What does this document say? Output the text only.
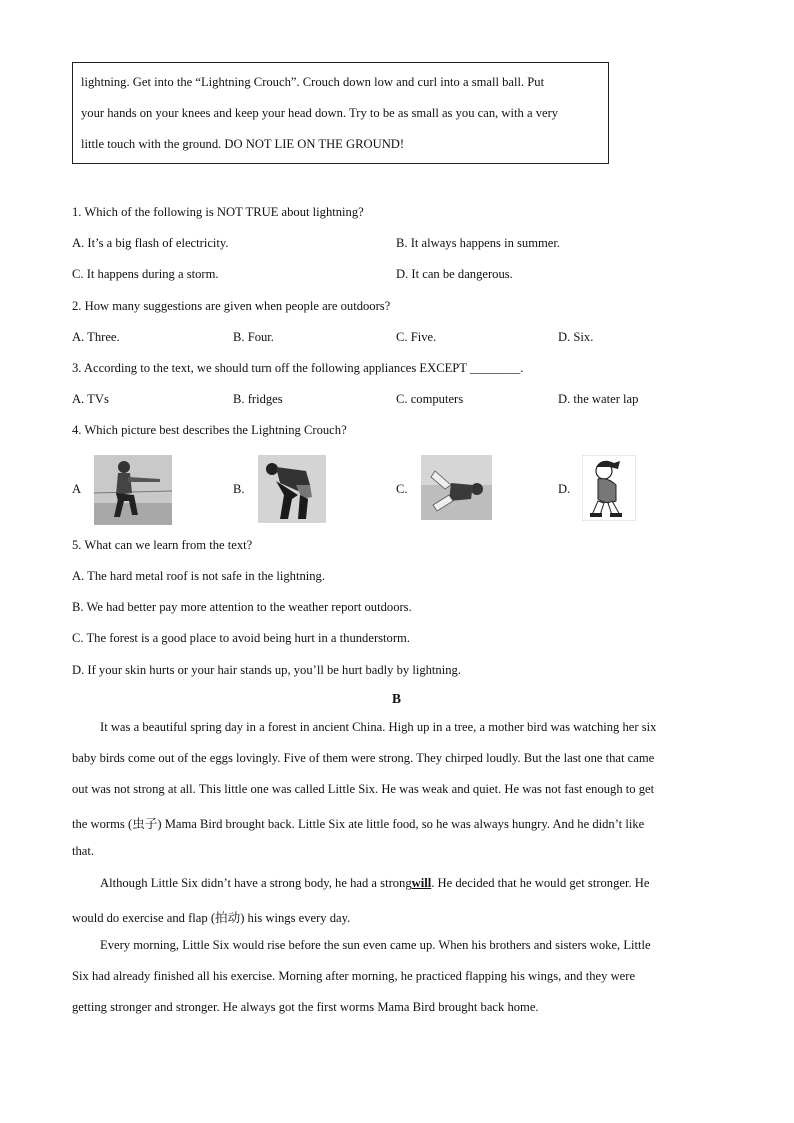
lightning. Get into the “Lightning Crouch”. Crouch down low and curl into a small ball. Put
your hands on your knees and keep your head down. Try to be as small as you can, with a very
little touch with the ground. DO NOT LIE ON THE GROUND!
1. Which of the following is NOT TRUE about lightning?
A. It’s a big flash of electricity.	B. It always happens in summer.
C. It happens during a storm.	D. It can be dangerous.
2. How many suggestions are given when people are outdoors?
A. Three.	B. Four.	C. Five.	D. Six.
3. According to the text, we should turn off the following appliances EXCEPT ________.
A. TVs	B. fridges	C. computers	D. the water lap
4. Which picture best describes the Lightning Crouch?
A	B.	C.	D.
5. What can we learn from the text?
A. The hard metal roof is not safe in the lightning.
B. We had better pay more attention to the weather report outdoors.
C. The forest is a good place to avoid being hurt in a thunderstorm.
D. If your skin hurts or your hair stands up, you’ll be hurt badly by lightning.
B
It was a beautiful spring day in a forest in ancient China. High up in a tree, a mother bird was watching her six
baby birds come out of the eggs lovingly. Five of them were strong. They chirped loudly. But the last one that came
out was not strong at all. This little one was called Little Six. He was weak and quiet. He was not fast enough to get
the worms (虫子) Mama Bird brought back. Little Six ate little food, so he was always hungry. And he didn’t like
that.
Although Little Six didn’t have a strong body, he had a strongwill. He decided that he would get stronger. He
would do exercise and flap (拍动) his wings every day.
Every morning, Little Six would rise before the sun even came up. When his brothers and sisters woke, Little
Six had already finished all his exercise. Morning after morning, he practiced flapping his wings, and they were
getting stronger and stronger. He always got the first worms Mama Bird brought back home.
